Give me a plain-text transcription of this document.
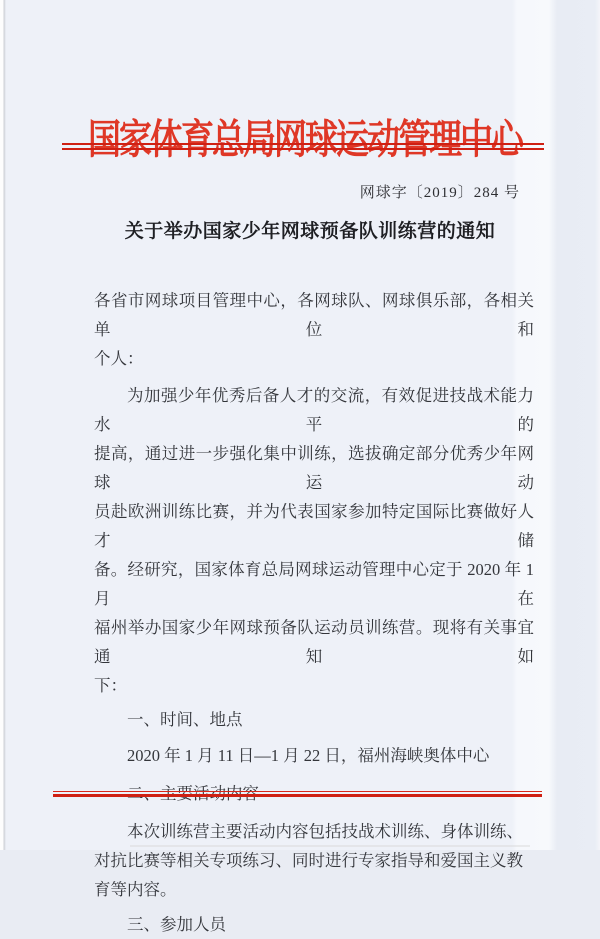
国家体育总局网球运动管理中心
网球字〔2019〕284 号
关于举办国家少年网球预备队训练营的通知
各省市网球项目管理中心，各网球队、网球俱乐部，各相关单位和
个人：
为加强少年优秀后备人才的交流，有效促进技战术能力水平的
提高，通过进一步强化集中训练，选拔确定部分优秀少年网球运动
员赴欧洲训练比赛，并为代表国家参加特定国际比赛做好人才储
备。经研究，国家体育总局网球运动管理中心定于 2020 年 1 月在
福州举办国家少年网球预备队运动员训练营。现将有关事宜通知如
下：
一、时间、地点
2020 年 1 月 11 日—1 月 22 日，福州海峡奥体中心
二、主要活动内容
本次训练营主要活动内容包括技战术训练、身体训练、
对抗比赛等相关专项练习、同时进行专家指导和爱国主义教
育等内容。
三、参加人员
